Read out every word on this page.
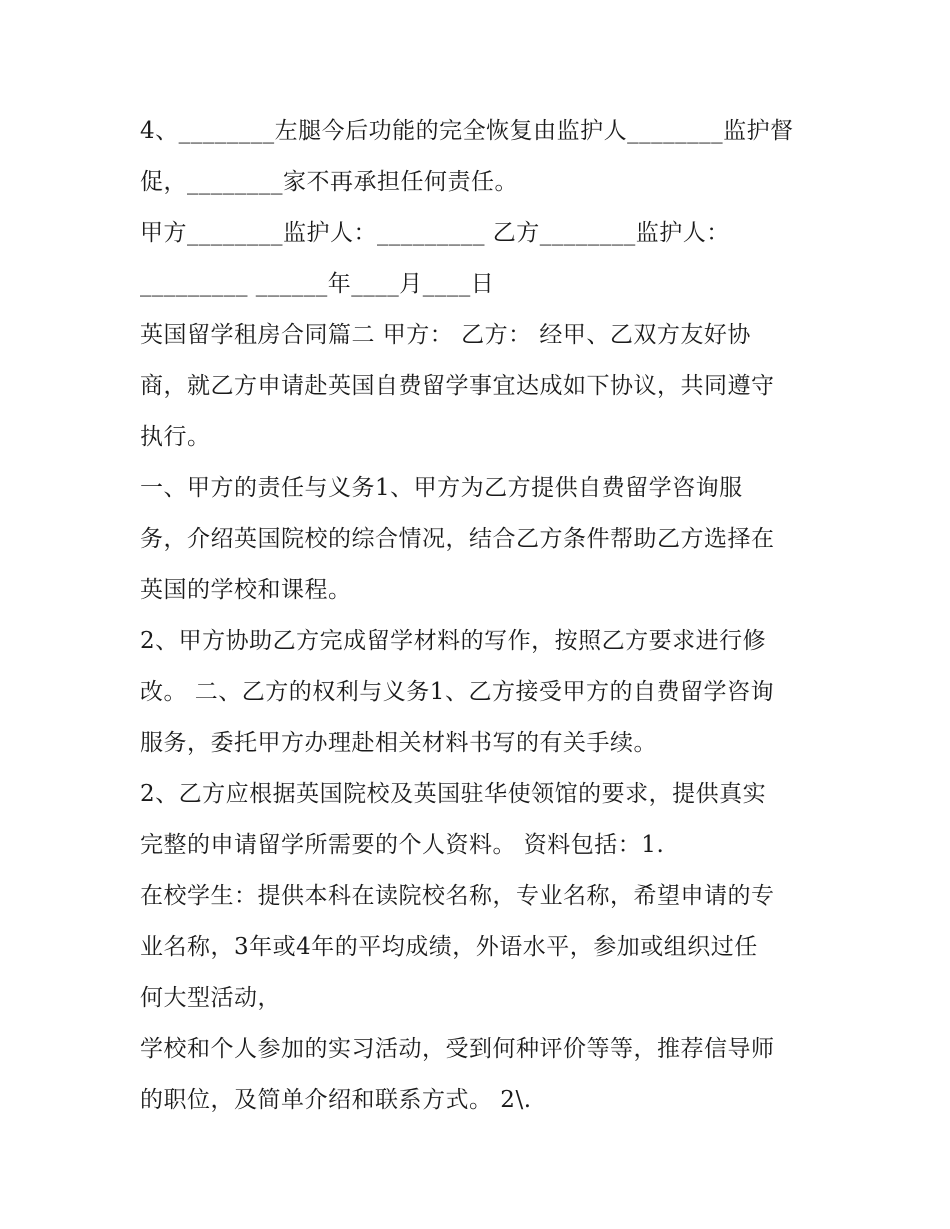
4、________左腿今后功能的完全恢复由监护人________监护督
促，________家不再承担任何责任。
甲方________监护人：_________ 乙方________监护人：
_________ ______年____月____日
英国留学租房合同篇二 甲方： 乙方： 经甲、乙双方友好协
商，就乙方申请赴英国自费留学事宜达成如下协议，共同遵守
执行。
一、甲方的责任与义务1、甲方为乙方提供自费留学咨询服
务，介绍英国院校的综合情况，结合乙方条件帮助乙方选择在
英国的学校和课程。
2、甲方协助乙方完成留学材料的写作，按照乙方要求进行修
改。 二、乙方的权利与义务1、乙方接受甲方的自费留学咨询
服务，委托甲方办理赴相关材料书写的有关手续。
2、乙方应根据英国院校及英国驻华使领馆的要求，提供真实
完整的申请留学所需要的个人资料。 资料包括：1.
在校学生：提供本科在读院校名称，专业名称，希望申请的专
业名称，3年或4年的平均成绩，外语水平，参加或组织过任
何大型活动，
学校和个人参加的实习活动，受到何种评价等等，推荐信导师
的职位，及简单介绍和联系方式。 2\.
